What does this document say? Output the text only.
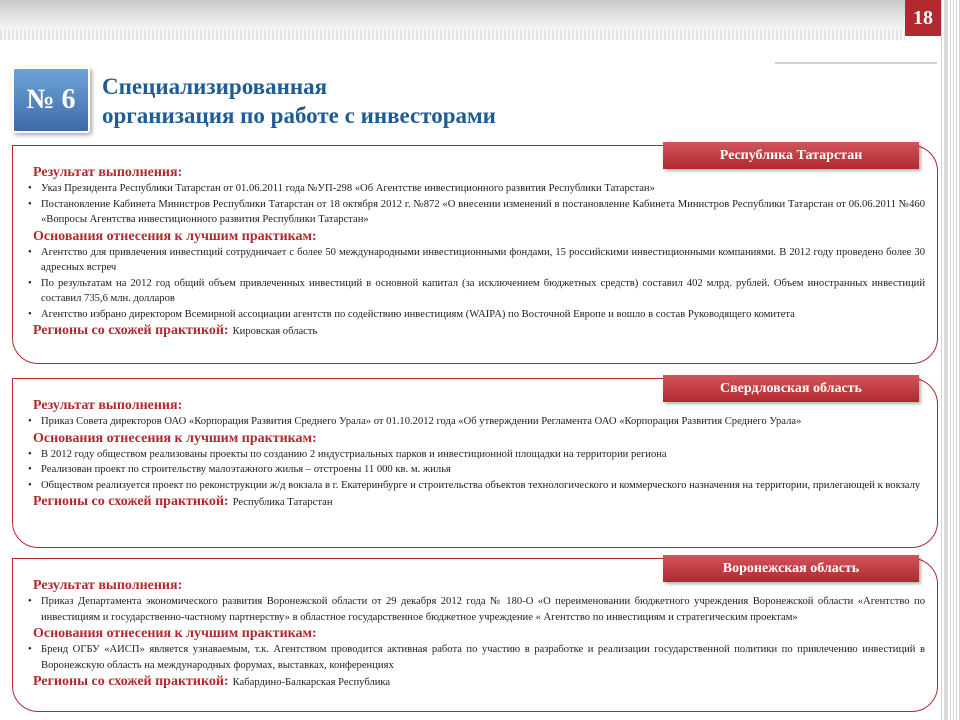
18
№ 6	Специализированная
организация по работе с инвесторами
Республика Татарстан
Результат выполнения:
• Указ Президента Республики Татарстан от 01.06.2011 года №УП-298 «Об Агентстве инвестиционного развития Республики Татарстан»
• Постановление Кабинета Министров Республики Татарстан от 18 октября 2012 г. №872 «О внесении изменений в постановление Кабинета Министров Республики Татарстан от 06.06.2011 №460 «Вопросы Агентства инвестиционного развития Республики Татарстан»
Основания отнесения к лучшим практикам:
• Агентство для привлечения инвестиций сотрудничает с более 50 международными инвестиционными фондами, 15 российскими инвестиционными компаниями. В 2012 году проведено более 30 адресных встреч
• По результатам на 2012 год общий объем привлеченных инвестиций в основной капитал (за исключением бюджетных средств) составил 402 млрд. рублей. Объем иностранных инвестиций составил 735,6 млн. долларов
• Агентство избрано директором Всемирной ассоциации агентств по содействию инвестициям (WAIPA) по Восточной Европе и вошло в состав Руководящего комитета
Регионы со схожей практикой: Кировская область
Свердловская область
Результат выполнения:
• Приказ Совета директоров ОАО «Корпорация Развития Среднего Урала» от 01.10.2012 года «Об утверждении Регламента ОАО «Корпорация Развития Среднего Урала»
Основания отнесения к лучшим практикам:
• В 2012 году обществом реализованы проекты по созданию 2 индустриальных парков и инвестиционной площадки на территории региона
• Реализован проект по строительству малоэтажного жилья – отстроены 11 000 кв. м. жилья
• Обществом реализуется проект по реконструкции ж/д вокзала в г. Екатеринбурге и строительства объектов технологического и коммерческого назначения на территории, прилегающей к вокзалу
Регионы со схожей практикой: Республика Татарстан
Воронежская область
Результат выполнения:
• Приказ Департамента экономического развития Воронежской области от 29 декабря 2012 года № 180-О «О переименовании бюджетного учреждения Воронежской области «Агентство по инвестициям и государственно-частному партнерству» в областное государственное бюджетное учреждение « Агентство по инвестициям и стратегическим проектам»
Основания отнесения к лучшим практикам:
• Бренд ОГБУ «АИСП» является узнаваемым, т.к. Агентством проводится активная работа по участию в разработке и реализации государственной политики по привлечению инвестиций в Воронежскую область на международных форумах, выставках, конференциях
Регионы со схожей практикой: Кабардино-Балкарская Республика
